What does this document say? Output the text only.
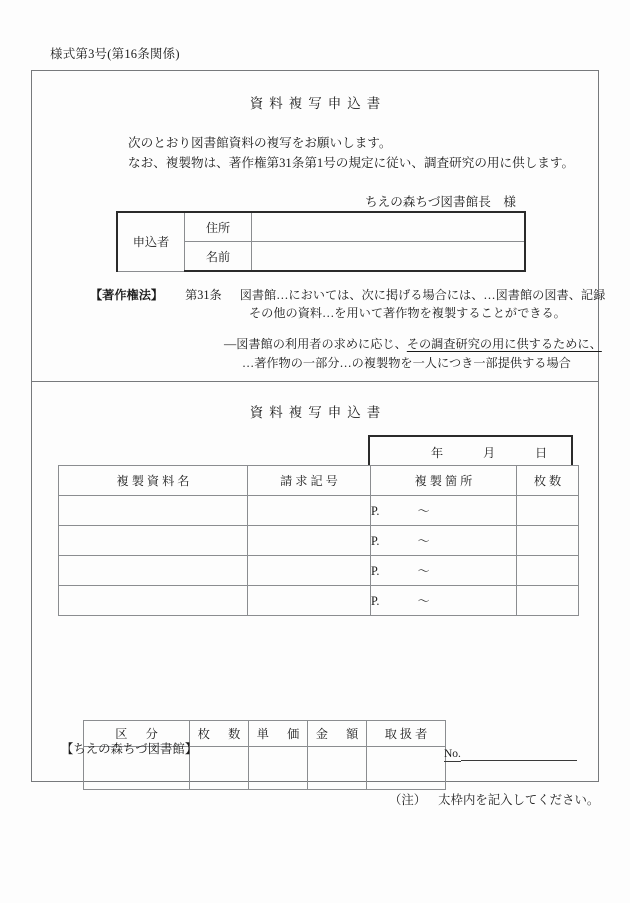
様式第3号(第16条関係)
資料複写申込書
次のとおり図書館資料の複写をお願いします。
なお、複製物は、著作権第31条第1号の規定に従い、調査研究の用に供します。
ちえの森ちづ図書館長　様
申込者	住所	
	名前	
【著作権法】 第31条 図書館…においては、次に掲げる場合には、…図書館の図書、記録
その他の資料…を用いて著作物を複製することができる。
―図書館の利用者の求めに応じ、その調査研究の用に供するために、
…著作物の一部分…の複製物を一人につき一部提供する場合
資料複写申込書
年	月	日
複製資料名	請求記号	複製箇所	枚数
		P. ～	
		P. ～	
		P. ～	
		P. ～	
区　分	枚　数	単　価	金　額	取扱者

【ちえの森ちづ図書館】	No.
（注） 太枠内を記入してください。
